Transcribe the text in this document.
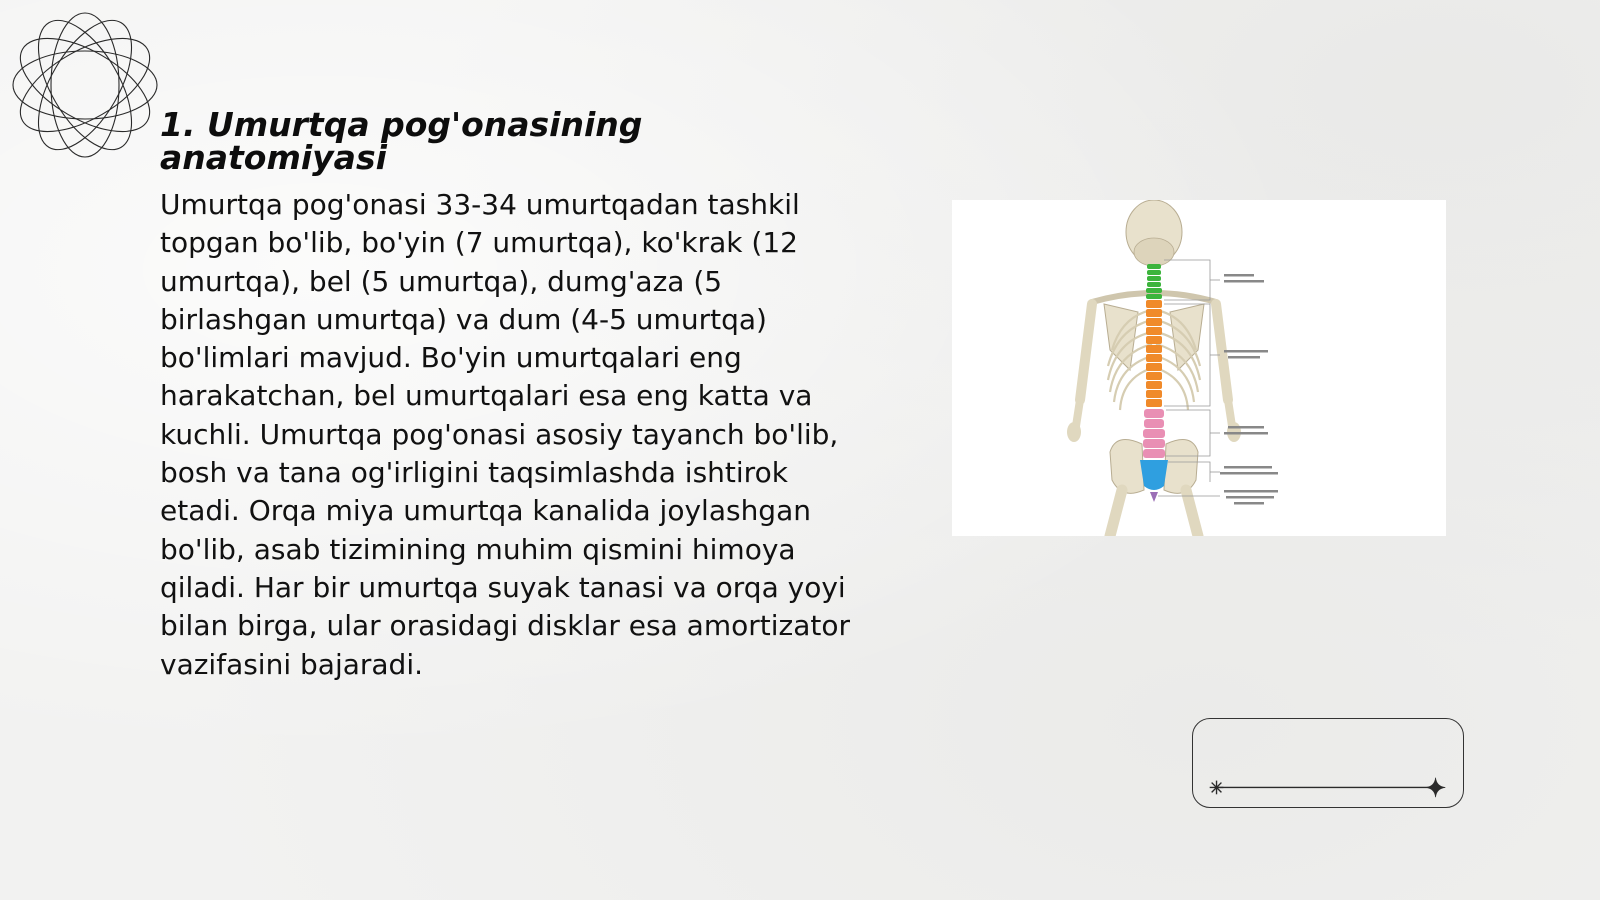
1. Umurtqa pog'onasining anatomiyasi

Umurtqa pog'onasi 33-34 umurtqadan tashkil topgan bo'lib, bo'yin (7 umurtqa), ko'krak (12 umurtqa), bel (5 umurtqa), dumg'aza (5 birlashgan umurtqa) va dum (4-5 umurtqa) bo'limlari mavjud. Bo'yin umurtqalari eng harakatchan, bel umurtqalari esa eng katta va kuchli. Umurtqa pog'onasi asosiy tayanch bo'lib, bosh va tana og'irligini taqsimlashda ishtirok etadi. Orqa miya umurtqa kanalida joylashgan bo'lib, asab tizimining muhim qismini himoya qiladi. Har bir umurtqa suyak tanasi va orqa yoyi bilan birga, ular orasidagi disklar esa amortizator vazifasini bajaradi.
